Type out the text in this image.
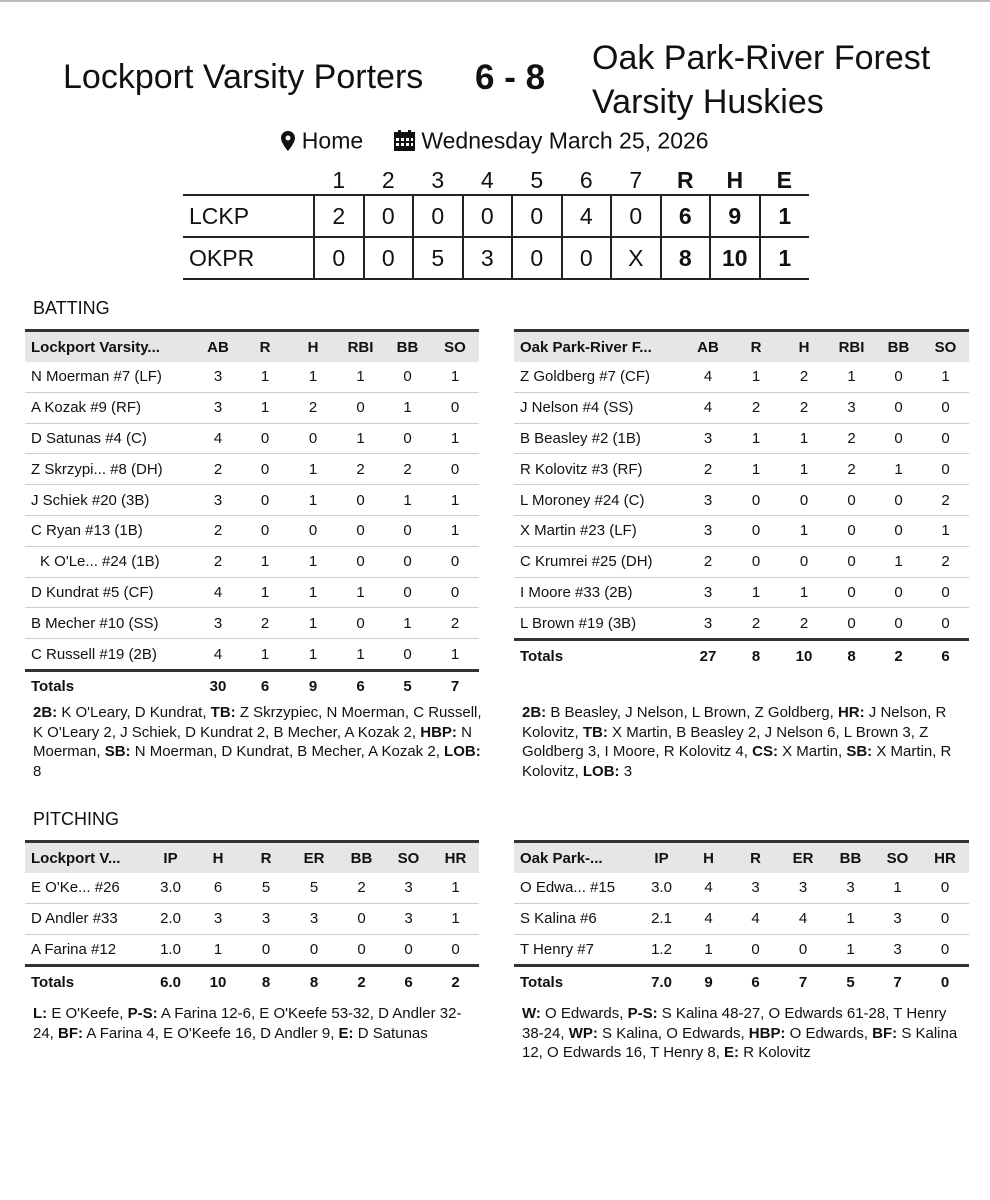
Lockport Varsity Porters 6 - 8 Oak Park-River Forest
Varsity Huskies
Home	Wednesday March 25, 2026
	1	2	3	4	5	6	7	R	H	E
LCKP	2	0	0	0	0	4	0	6	9	1
OKPR	0	0	5	3	0	0	X	8	10	1
BATTING
Lockport Varsity...	AB	R	H	RBI	BB	SO
N Moerman #7 (LF)	3	1	1	1	0	1
A Kozak #9 (RF)	3	1	2	0	1	0
D Satunas #4 (C)	4	0	0	1	0	1
Z Skrzypi... #8 (DH)	2	0	1	2	2	0
J Schiek #20 (3B)	3	0	1	0	1	1
C Ryan #13 (1B)	2	0	0	0	0	1
K O'Le... #24 (1B)	2	1	1	0	0	0
D Kundrat #5 (CF)	4	1	1	1	0	0
B Mecher #10 (SS)	3	2	1	0	1	2
C Russell #19 (2B)	4	1	1	1	0	1
Totals	30	6	9	6	5	7
Oak Park-River F...	AB	R	H	RBI	BB	SO
Z Goldberg #7 (CF)	4	1	2	1	0	1
J Nelson #4 (SS)	4	2	2	3	0	0
B Beasley #2 (1B)	3	1	1	2	0	0
R Kolovitz #3 (RF)	2	1	1	2	1	0
L Moroney #24 (C)	3	0	0	0	0	2
X Martin #23 (LF)	3	0	1	0	0	1
C Krumrei #25 (DH)	2	0	0	0	1	2
I Moore #33 (2B)	3	1	1	0	0	0
L Brown #19 (3B)	3	2	2	0	0	0
Totals	27	8	10	8	2	6
2B: K O'Leary, D Kundrat, TB: Z Skrzypiec, N Moerman, C Russell, K O'Leary 2, J Schiek, D Kundrat 2, B Mecher, A Kozak 2, HBP: N Moerman, SB: N Moerman, D Kundrat, B Mecher, A Kozak 2, LOB: 8
2B: B Beasley, J Nelson, L Brown, Z Goldberg, HR: J Nelson, R Kolovitz, TB: X Martin, B Beasley 2, J Nelson 6, L Brown 3, Z Goldberg 3, I Moore, R Kolovitz 4, CS: X Martin, SB: X Martin, R Kolovitz, LOB: 3
PITCHING
Lockport V...	IP	H	R	ER	BB	SO	HR
E O'Ke... #26	3.0	6	5	5	2	3	1
D Andler #33	2.0	3	3	3	0	3	1
A Farina #12	1.0	1	0	0	0	0	0
Totals	6.0	10	8	8	2	6	2
Oak Park-...	IP	H	R	ER	BB	SO	HR
O Edwa... #15	3.0	4	3	3	3	1	0
S Kalina #6	2.1	4	4	4	1	3	0
T Henry #7	1.2	1	0	0	1	3	0
Totals	7.0	9	6	7	5	7	0
L: E O'Keefe, P-S: A Farina 12-6, E O'Keefe 53-32, D Andler 32-24, BF: A Farina 4, E O'Keefe 16, D Andler 9, E: D Satunas
W: O Edwards, P-S: S Kalina 48-27, O Edwards 61-28, T Henry 38-24, WP: S Kalina, O Edwards, HBP: O Edwards, BF: S Kalina 12, O Edwards 16, T Henry 8, E: R Kolovitz
